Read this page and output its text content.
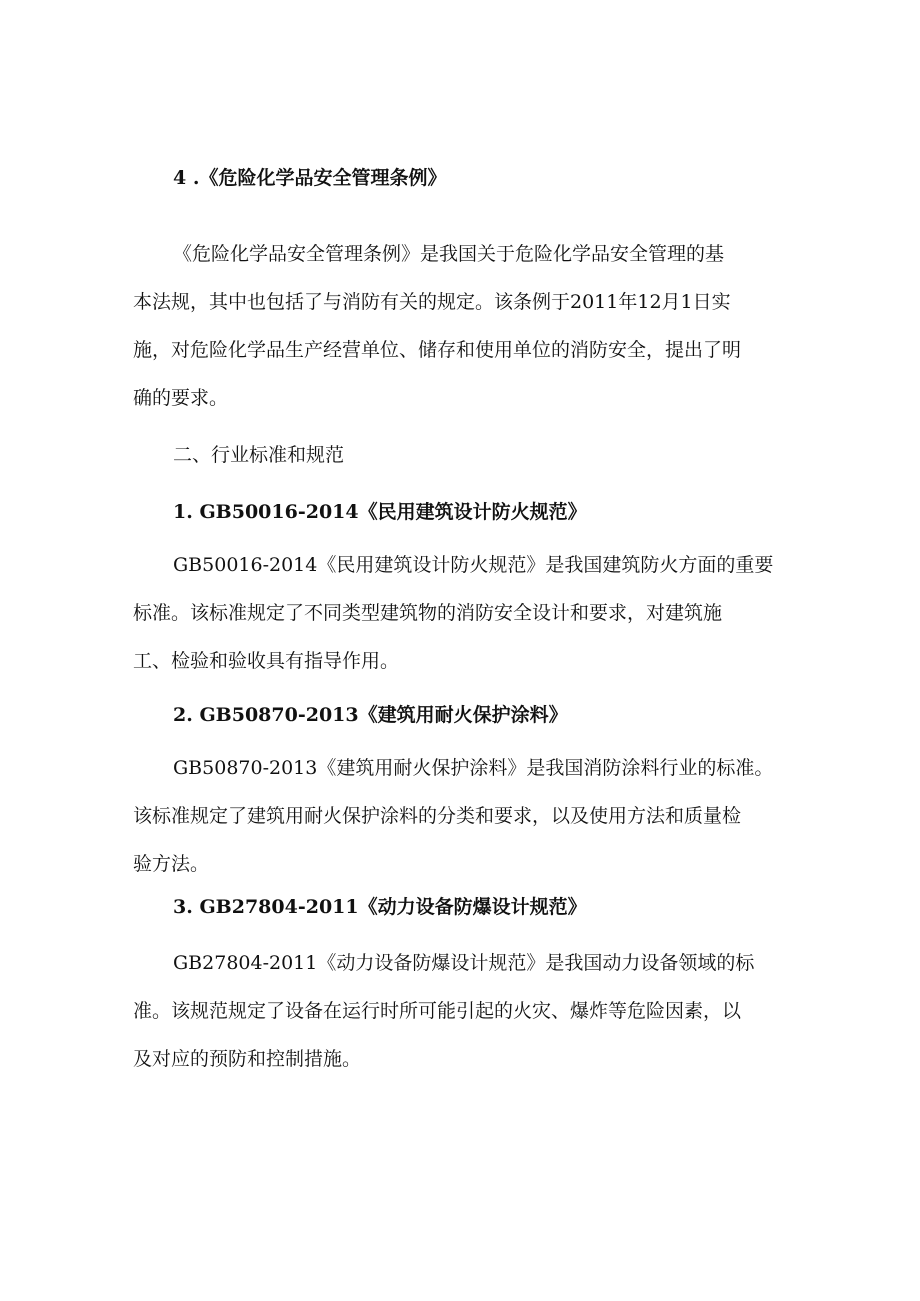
4 .《危险化学品安全管理条例》
《危险化学品安全管理条例》是我国关于危险化学品安全管理的基
本法规，其中也包括了与消防有关的规定。该条例于2011年12月1日实
施，对危险化学品生产经营单位、储存和使用单位的消防安全，提出了明
确的要求。
二、行业标准和规范
1. GB50016-2014《民用建筑设计防火规范》
GB50016-2014《民用建筑设计防火规范》是我国建筑防火方面的重要
标准。该标准规定了不同类型建筑物的消防安全设计和要求，对建筑施
工、检验和验收具有指导作用。
2. GB50870-2013《建筑用耐火保护涂料》
GB50870-2013《建筑用耐火保护涂料》是我国消防涂料行业的标准。
该标准规定了建筑用耐火保护涂料的分类和要求，以及使用方法和质量检
验方法。
3. GB27804-2011《动力设备防爆设计规范》
GB27804-2011《动力设备防爆设计规范》是我国动力设备领域的标
准。该规范规定了设备在运行时所可能引起的火灾、爆炸等危险因素，以
及对应的预防和控制措施。
